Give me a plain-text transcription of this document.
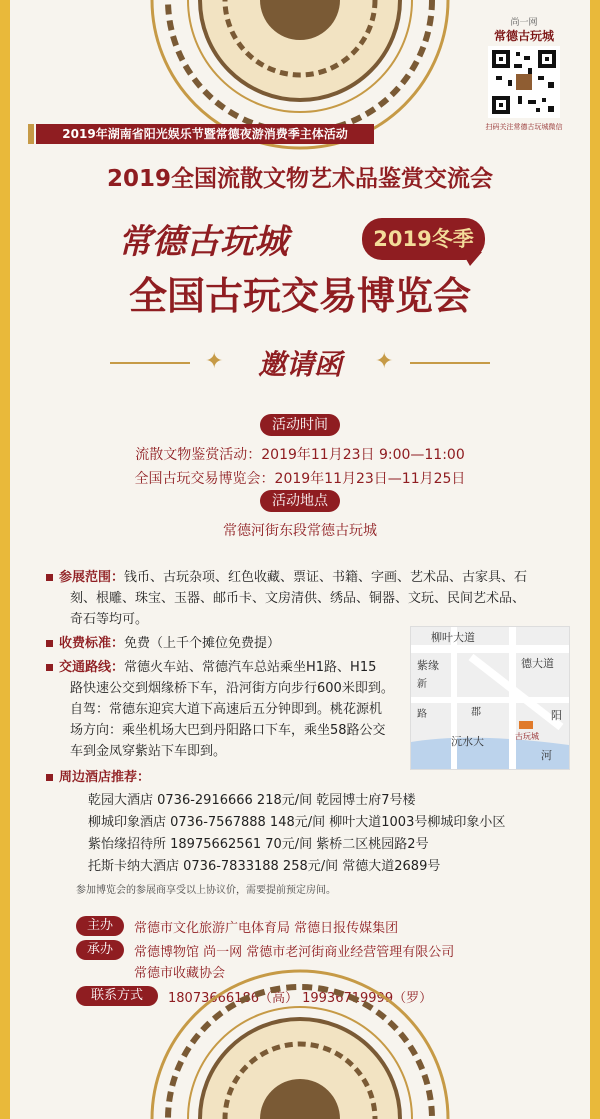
尚一网
常德古玩城
扫码关注常德古玩城微信
2019年湖南省阳光娱乐节暨常德夜游消费季主体活动
2019全国流散文物艺术品鉴赏交流会
常德古玩城	2019冬季
全国古玩交易博览会
✦	邀请函	✦
活动时间
流散文物鉴赏活动：2019年11月23日 9:00—11:00
全国古玩交易博览会：2019年11月23日—11月25日
活动地点
常德河街东段常德古玩城
参展范围：钱币、古玩杂项、红色收藏、票证、书籍、字画、艺术品、古家具、石
刻、根雕、珠宝、玉器、邮币卡、文房清供、绣品、铜器、文玩、民间艺术品、
奇石等均可。
收费标准：免费（上千个摊位免费提）
交通路线：常德火车站、常德汽车总站乘坐H1路、H15
路快速公交到烟缘桥下车，沿河街方向步行600米即到。
自驾：常德东迎宾大道下高速后五分钟即到。桃花源机
场方向：乘坐机场大巴到丹阳路口下车，乘坐58路公交
车到金凤穿紫站下车即到。
周边酒店推荐：
乾园大酒店 0736-2916666 218元/间 乾园博士府7号楼
柳城印象酒店 0736-7567888 148元/间 柳叶大道1003号柳城印象小区
紫怡缘招待所 18975662561 70元/间 紫桥二区桃园路2号
托斯卡纳大酒店 0736-7833188 258元/间 常德大道2689号
参加博览会的参展商享受以上协议价，需要提前预定房间。
柳叶大道
紫缘	德大道
沅水大
河
郡
新
路	阳
古玩城
主办	常德市文化旅游广电体育局 常德日报传媒集团
承办	常德博物馆 尚一网 常德市老河街商业经营管理有限公司
常德市收藏协会
联系方式	18073666186（高） 19936719999（罗）
